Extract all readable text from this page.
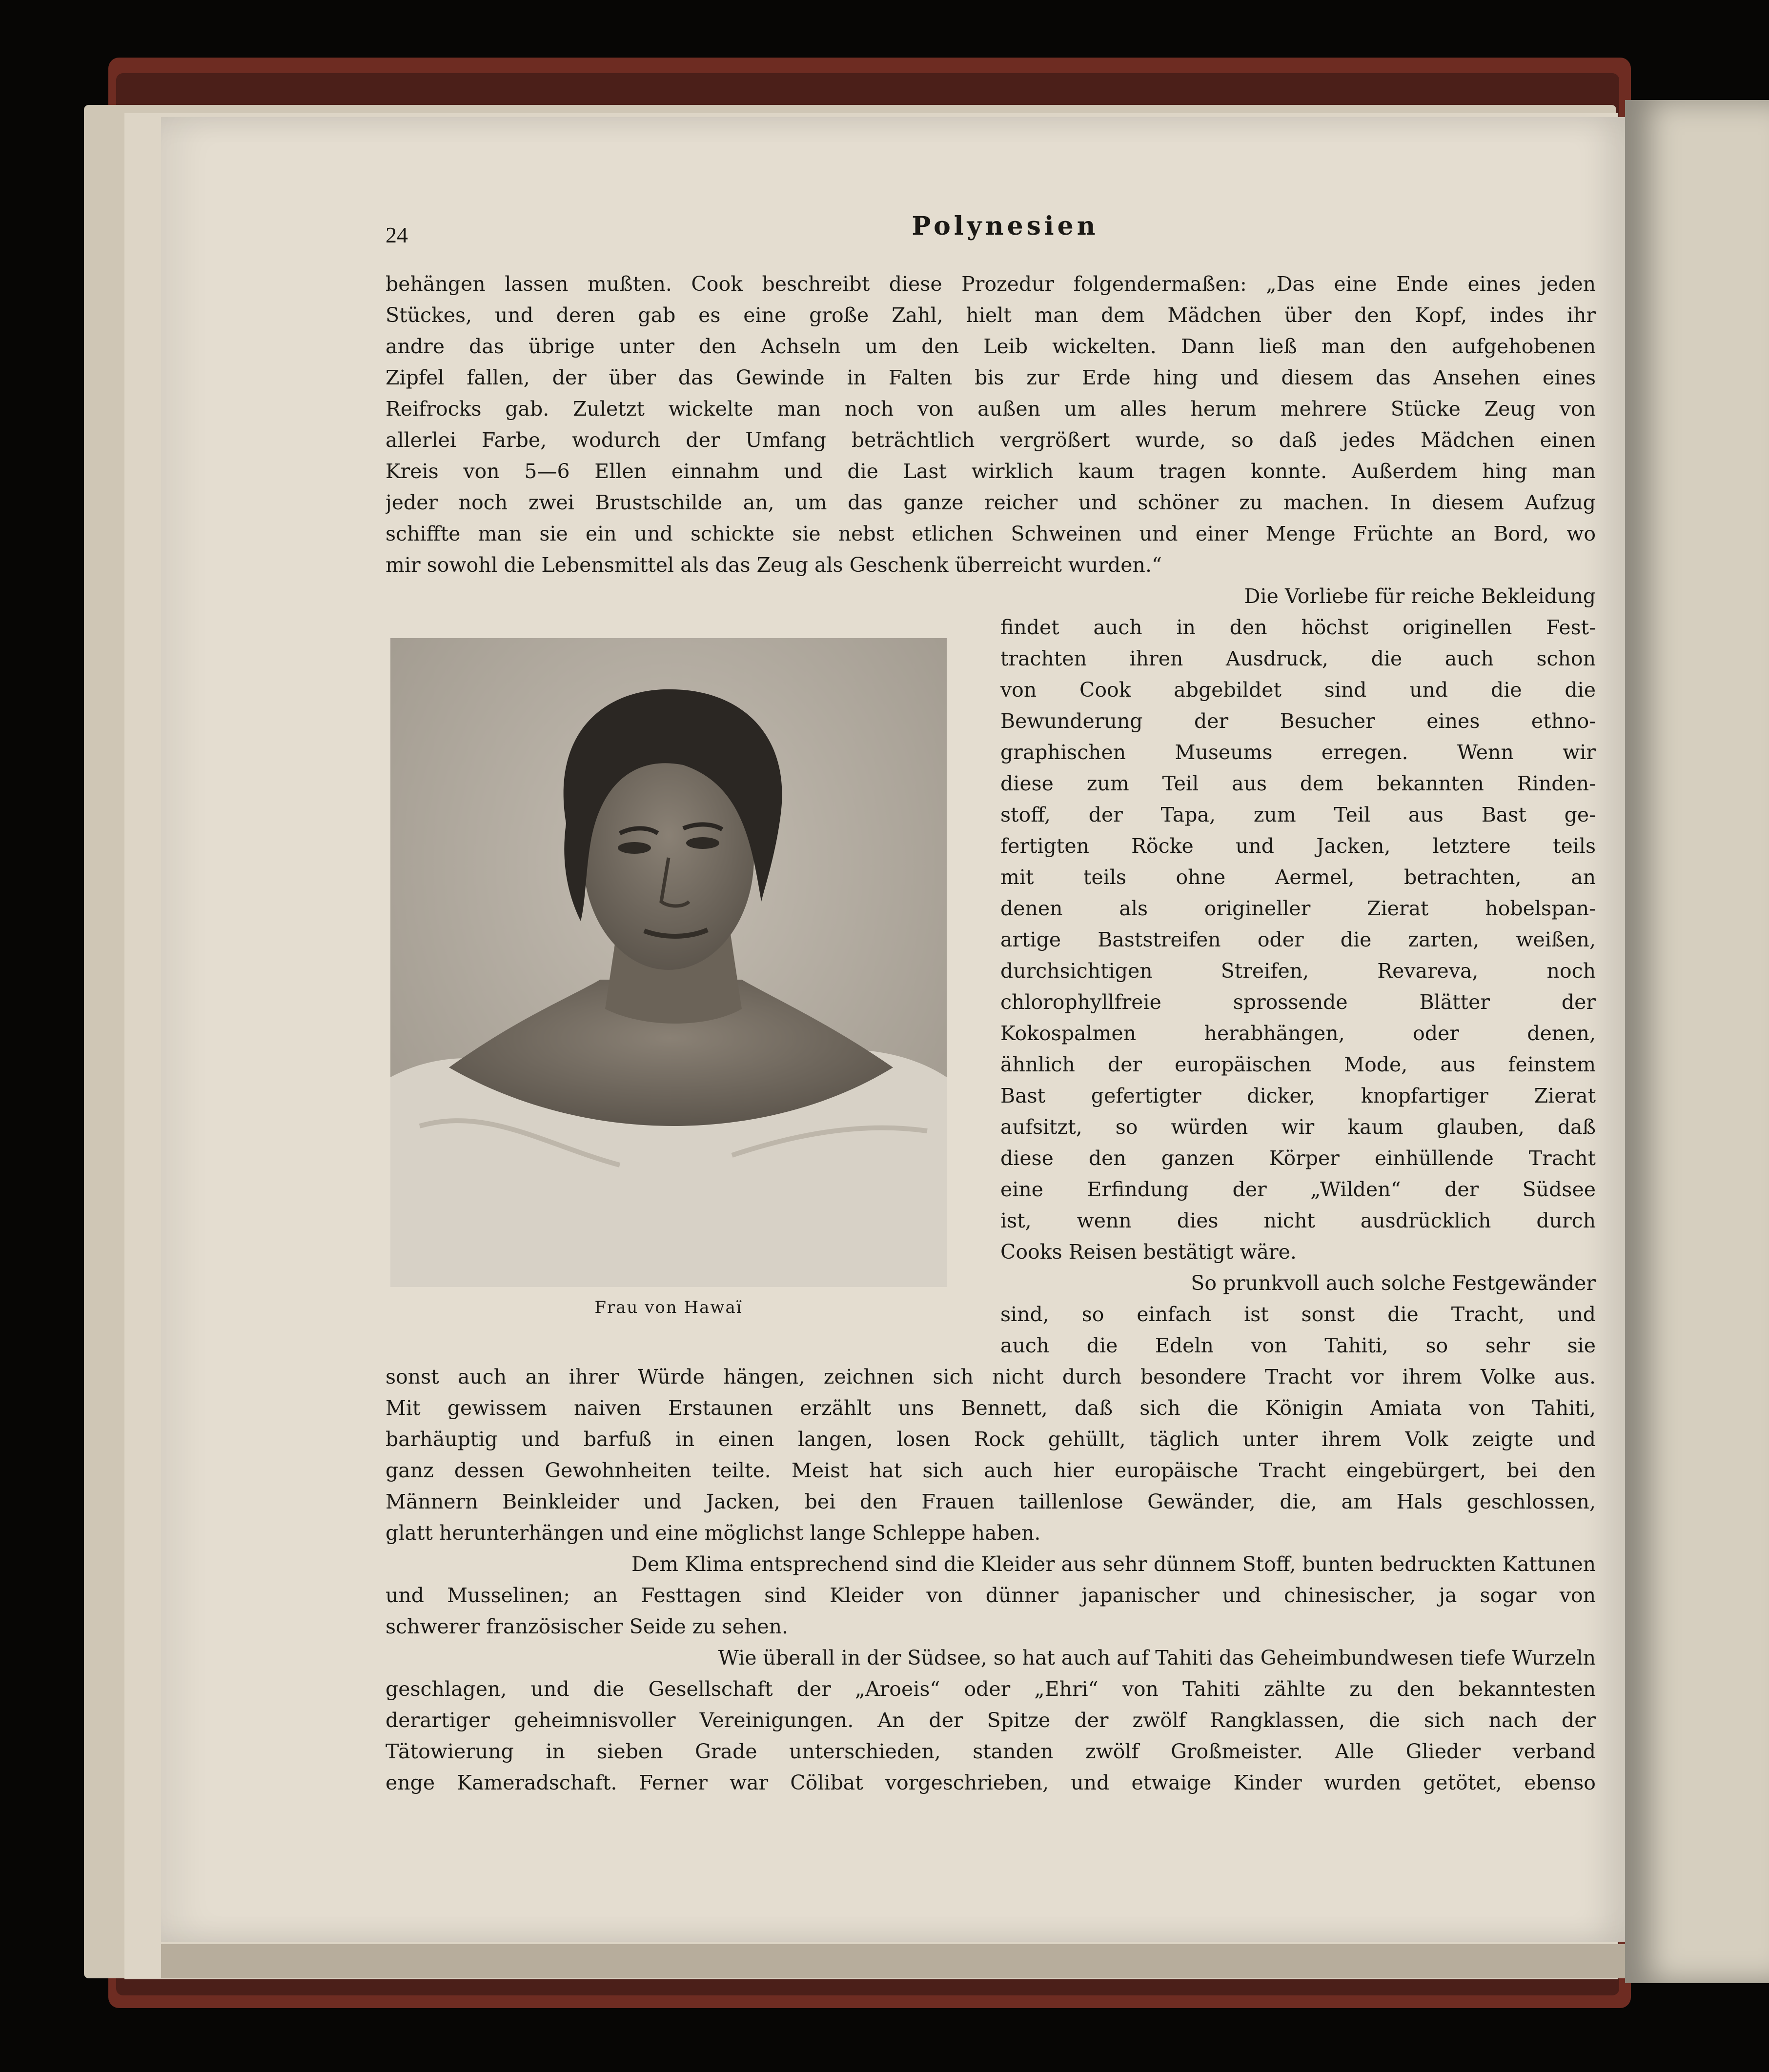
24	Polynesien
behängen lassen mußten. Cook beschreibt diese Prozedur folgendermaßen: „Das eine Ende eines jeden
Stückes, und deren gab es eine große Zahl, hielt man dem Mädchen über den Kopf, indes ihr
andre das übrige unter den Achseln um den Leib wickelten. Dann ließ man den aufgehobenen
Zipfel fallen, der über das Gewinde in Falten bis zur Erde hing und diesem das Ansehen eines
Reifrocks gab. Zuletzt wickelte man noch von außen um alles herum mehrere Stücke Zeug von
allerlei Farbe, wodurch der Umfang beträchtlich vergrößert wurde, so daß jedes Mädchen einen
Kreis von 5—6 Ellen einnahm und die Last wirklich kaum tragen konnte. Außerdem hing man
jeder noch zwei Brustschilde an, um das ganze reicher und schöner zu machen. In diesem Aufzug
schiffte man sie ein und schickte sie nebst etlichen Schweinen und einer Menge Früchte an Bord, wo
mir sowohl die Lebensmittel als das Zeug als Geschenk überreicht wurden.“
Die Vorliebe für reiche Bekleidung
findet auch in den höchst originellen Fest-
trachten ihren Ausdruck, die auch schon
von Cook abgebildet sind und die die
Bewunderung der Besucher eines ethno-
graphischen Museums erregen. Wenn wir
diese zum Teil aus dem bekannten Rinden-
stoff, der Tapa, zum Teil aus Bast ge-
fertigten Röcke und Jacken, letztere teils
mit teils ohne Aermel, betrachten, an
denen als origineller Zierat hobelspan-
artige Baststreifen oder die zarten, weißen,
durchsichtigen Streifen, Revareva, noch
chlorophyllfreie sprossende Blätter der
Kokospalmen herabhängen, oder denen,
ähnlich der europäischen Mode, aus feinstem
Bast gefertigter dicker, knopfartiger Zierat
aufsitzt, so würden wir kaum glauben, daß
diese den ganzen Körper einhüllende Tracht
eine Erfindung der „Wilden“ der Südsee
ist, wenn dies nicht ausdrücklich durch
Cooks Reisen bestätigt wäre.
So prunkvoll auch solche Festgewänder
sind, so einfach ist sonst die Tracht, und
auch die Edeln von Tahiti, so sehr sie
sonst auch an ihrer Würde hängen, zeichnen sich nicht durch besondere Tracht vor ihrem Volke aus.
Mit gewissem naiven Erstaunen erzählt uns Bennett, daß sich die Königin Amiata von Tahiti,
barhäuptig und barfuß in einen langen, losen Rock gehüllt, täglich unter ihrem Volk zeigte und
ganz dessen Gewohnheiten teilte. Meist hat sich auch hier europäische Tracht eingebürgert, bei den
Männern Beinkleider und Jacken, bei den Frauen taillenlose Gewänder, die, am Hals geschlossen,
glatt herunterhängen und eine möglichst lange Schleppe haben.
Dem Klima entsprechend sind die Kleider aus sehr dünnem Stoff, bunten bedruckten Kattunen
und Musselinen; an Festtagen sind Kleider von dünner japanischer und chinesischer, ja sogar von
schwerer französischer Seide zu sehen.
Wie überall in der Südsee, so hat auch auf Tahiti das Geheimbundwesen tiefe Wurzeln
geschlagen, und die Gesellschaft der „Aroeis“ oder „Ehri“ von Tahiti zählte zu den bekanntesten
derartiger geheimnisvoller Vereinigungen. An der Spitze der zwölf Rangklassen, die sich nach der
Tätowierung in sieben Grade unterschieden, standen zwölf Großmeister. Alle Glieder verband
enge Kameradschaft. Ferner war Cölibat vorgeschrieben, und etwaige Kinder wurden getötet, ebenso
Frau von Hawaï
